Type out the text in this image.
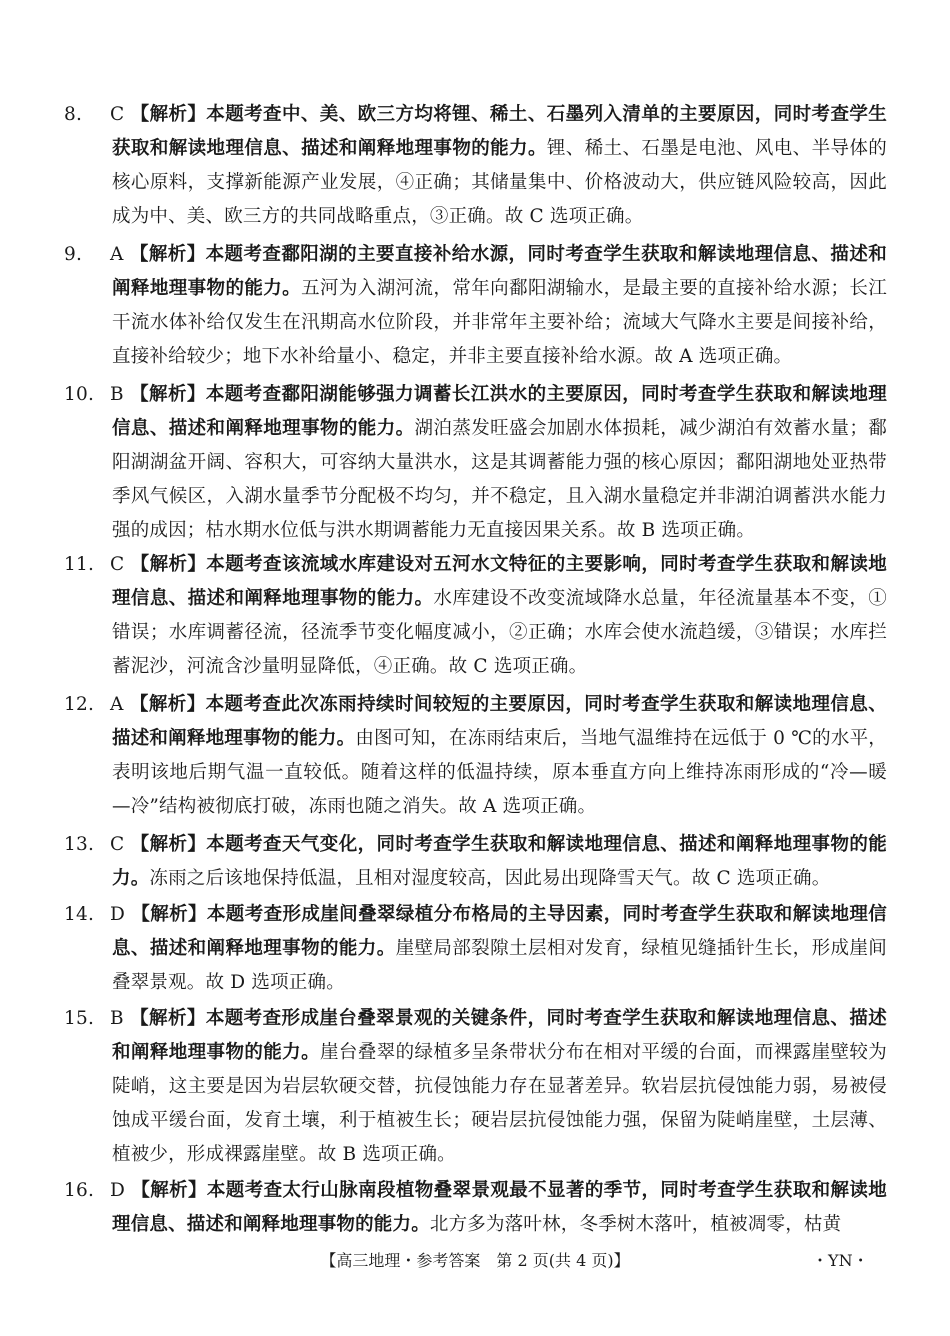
8. C 【解析】本题考查中、美、欧三方均将锂、稀土、石墨列入清单的主要原因，同时考查学生获取和解读地理信息、描述和阐释地理事物的能力。锂、稀土、石墨是电池、风电、半导体的核心原料，支撑新能源产业发展，④正确；其储量集中、价格波动大，供应链风险较高，因此成为中、美、欧三方的共同战略重点，③正确。故 C 选项正确。
9. A 【解析】本题考查鄱阳湖的主要直接补给水源，同时考查学生获取和解读地理信息、描述和阐释地理事物的能力。五河为入湖河流，常年向鄱阳湖输水，是最主要的直接补给水源；长江干流水体补给仅发生在汛期高水位阶段，并非常年主要补给；流域大气降水主要是间接补给，直接补给较少；地下水补给量小、稳定，并非主要直接补给水源。故 A 选项正确。
10. B 【解析】本题考查鄱阳湖能够强力调蓄长江洪水的主要原因，同时考查学生获取和解读地理信息、描述和阐释地理事物的能力。湖泊蒸发旺盛会加剧水体损耗，减少湖泊有效蓄水量；鄱阳湖湖盆开阔、容积大，可容纳大量洪水，这是其调蓄能力强的核心原因；鄱阳湖地处亚热带季风气候区，入湖水量季节分配极不均匀，并不稳定，且入湖水量稳定并非湖泊调蓄洪水能力强的成因；枯水期水位低与洪水期调蓄能力无直接因果关系。故 B 选项正确。
11. C 【解析】本题考查该流域水库建设对五河水文特征的主要影响，同时考查学生获取和解读地理信息、描述和阐释地理事物的能力。水库建设不改变流域降水总量，年径流量基本不变，①错误；水库调蓄径流，径流季节变化幅度减小，②正确；水库会使水流趋缓，③错误；水库拦蓄泥沙，河流含沙量明显降低，④正确。故 C 选项正确。
12. A 【解析】本题考查此次冻雨持续时间较短的主要原因，同时考查学生获取和解读地理信息、描述和阐释地理事物的能力。由图可知，在冻雨结束后，当地气温维持在远低于 0 ℃的水平，表明该地后期气温一直较低。随着这样的低温持续，原本垂直方向上维持冻雨形成的“冷—暖—冷”结构被彻底打破，冻雨也随之消失。故 A 选项正确。
13. C 【解析】本题考查天气变化，同时考查学生获取和解读地理信息、描述和阐释地理事物的能力。冻雨之后该地保持低温，且相对湿度较高，因此易出现降雪天气。故 C 选项正确。
14. D 【解析】本题考查形成崖间叠翠绿植分布格局的主导因素，同时考查学生获取和解读地理信息、描述和阐释地理事物的能力。崖壁局部裂隙土层相对发育，绿植见缝插针生长，形成崖间叠翠景观。故 D 选项正确。
15. B 【解析】本题考查形成崖台叠翠景观的关键条件，同时考查学生获取和解读地理信息、描述和阐释地理事物的能力。崖台叠翠的绿植多呈条带状分布在相对平缓的台面，而裸露崖壁较为陡峭，这主要是因为岩层软硬交替，抗侵蚀能力存在显著差异。软岩层抗侵蚀能力弱，易被侵蚀成平缓台面，发育土壤，利于植被生长；硬岩层抗侵蚀能力强，保留为陡峭崖壁，土层薄、植被少，形成裸露崖壁。故 B 选项正确。
16. D 【解析】本题考查太行山脉南段植物叠翠景观最不显著的季节，同时考查学生获取和解读地理信息、描述和阐释地理事物的能力。北方多为落叶林，冬季树木落叶，植被凋零，枯黄
【高三地理・参考答案　第 2 页(共 4 页)】	・YN・
